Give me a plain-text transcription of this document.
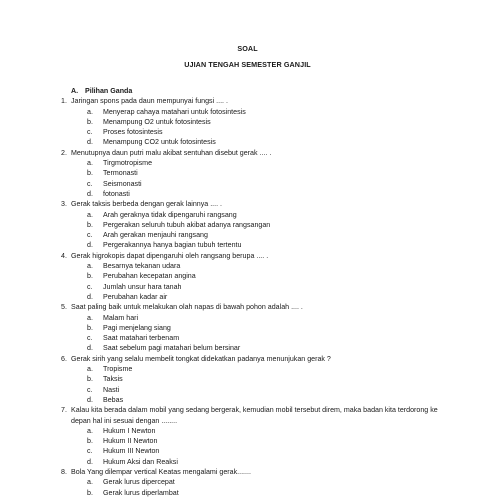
SOAL
UJIAN TENGAH SEMESTER GANJIL
A. Pilihan Ganda
1. Jaringan spons pada daun mempunyai fungsi .... .
a.	Menyerap cahaya matahari untuk fotosintesis
b.	Menampung O2 untuk fotosintesis
c.	Proses fotosintesis
d.	Menampung CO2 untuk fotosintesis
2. Menutupnya daun putri malu akibat sentuhan disebut gerak .... .
a.	Tirgmotropisme
b.	Termonasti
c.	Seismonasti
d.	fotonasti
3. Gerak taksis berbeda dengan gerak lainnya .... .
a.	Arah geraknya tidak dipengaruhi rangsang
b.	Pergerakan seluruh tubuh akibat adanya rangsangan
c.	Arah gerakan menjauhi rangsang
d.	Pergerakannya hanya bagian tubuh tertentu
4. Gerak higrokopis dapat dipengaruhi oleh rangsang berupa .... .
a.	Besarnya tekanan udara
b.	Perubahan kecepatan angina
c.	Jumlah unsur hara tanah
d.	Perubahan kadar air
5. Saat paling baik untuk melakukan olah napas di bawah pohon adalah .... .
a.	Malam hari
b.	Pagi menjelang siang
c.	Saat matahari terbenam
d.	Saat sebelum pagi matahari belum bersinar
6. Gerak sirih yang selalu membelit tongkat didekatkan padanya menunjukan gerak ?
a.	Tropisme
b.	Taksis
c.	Nasti
d.	Bebas
7. Kalau kita berada dalam mobil yang sedang bergerak, kemudian mobil tersebut direm, maka badan kita terdorong ke depan hal ini sesuai dengan ........
a.	Hukum I Newton
b.	Hukum II Newton
c.	Hukum III Newton
d.	Hukum Aksi dan Reaksi
8. Bola Yang dilempar vertical Keatas mengalami gerak.......
a.	Gerak lurus dipercepat
b.	Gerak lurus diperlambat
